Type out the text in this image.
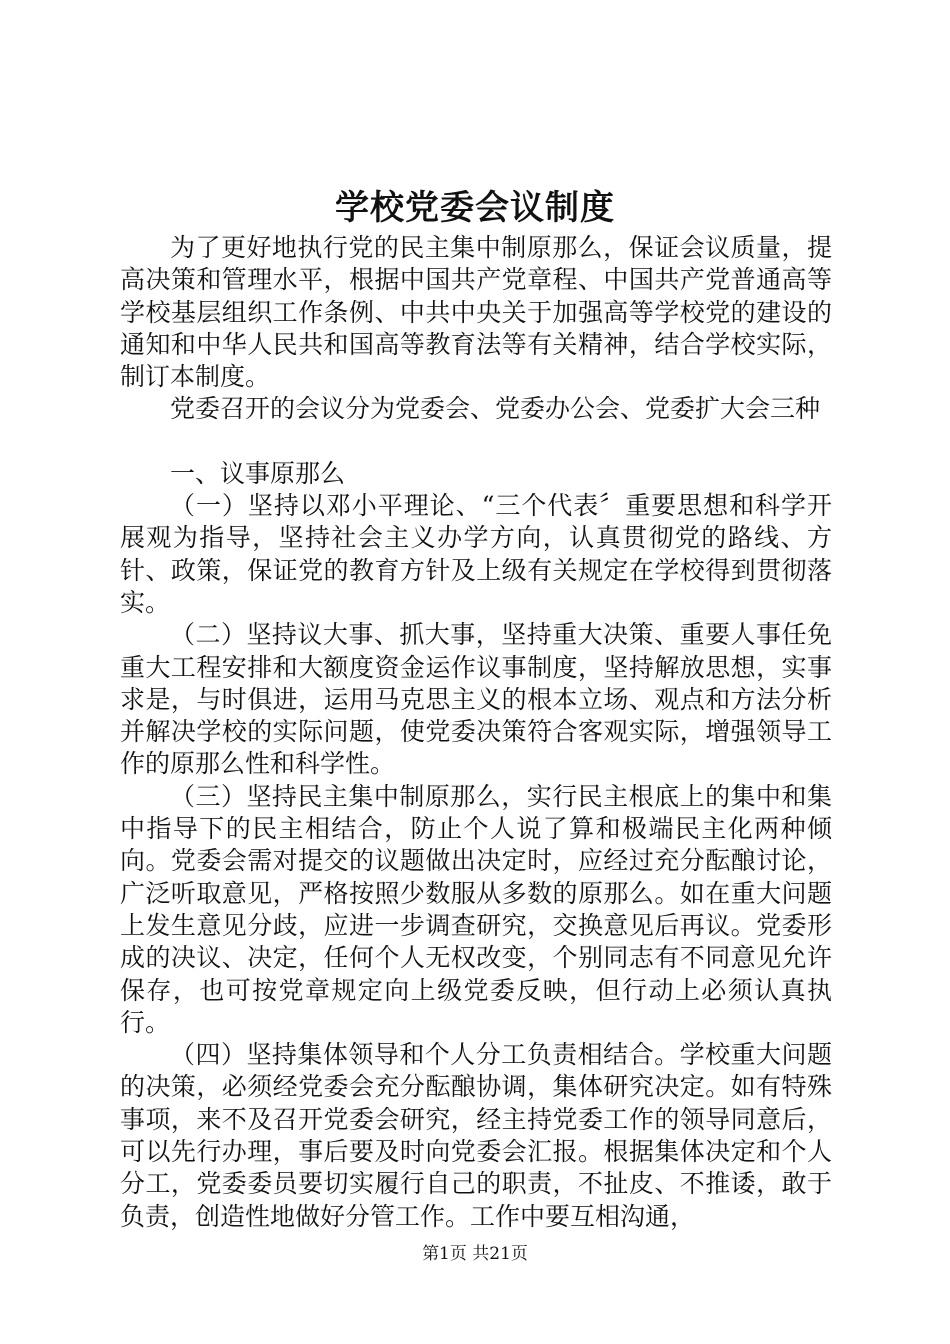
学校党委会议制度

为了更好地执行党的民主集中制原那么，保证会议质量，提高决策和管理水平，根据中国共产党章程、中国共产党普通高等学校基层组织工作条例、中共中央关于加强高等学校党的建设的通知和中华人民共和国高等教育法等有关精神，结合学校实际，制订本制度。

党委召开的会议分为党委会、党委办公会、党委扩大会三种

一、议事原那么

（一）坚持以邓小平理论、“三个代表〞重要思想和科学开展观为指导，坚持社会主义办学方向，认真贯彻党的路线、方针、政策，保证党的教育方针及上级有关规定在学校得到贯彻落实。

（二）坚持议大事、抓大事，坚持重大决策、重要人事任免重大工程安排和大额度资金运作议事制度，坚持解放思想，实事求是，与时俱进，运用马克思主义的根本立场、观点和方法分析并解决学校的实际问题，使党委决策符合客观实际，增强领导工作的原那么性和科学性。

（三）坚持民主集中制原那么，实行民主根底上的集中和集中指导下的民主相结合，防止个人说了算和极端民主化两种倾向。党委会需对提交的议题做出决定时，应经过充分酝酿讨论，广泛听取意见，严格按照少数服从多数的原那么。如在重大问题上发生意见分歧，应进一步调查研究，交换意见后再议。党委形成的决议、决定，任何个人无权改变，个别同志有不同意见允许保存，也可按党章规定向上级党委反映，但行动上必须认真执行。

（四）坚持集体领导和个人分工负责相结合。学校重大问题的决策，必须经党委会充分酝酿协调，集体研究决定。如有特殊事项，来不及召开党委会研究，经主持党委工作的领导同意后，可以先行办理，事后要及时向党委会汇报。根据集体决定和个人分工，党委委员要切实履行自己的职责，不扯皮、不推诿，敢于负责，创造性地做好分管工作。工作中要互相沟通，

第1页 共21页
